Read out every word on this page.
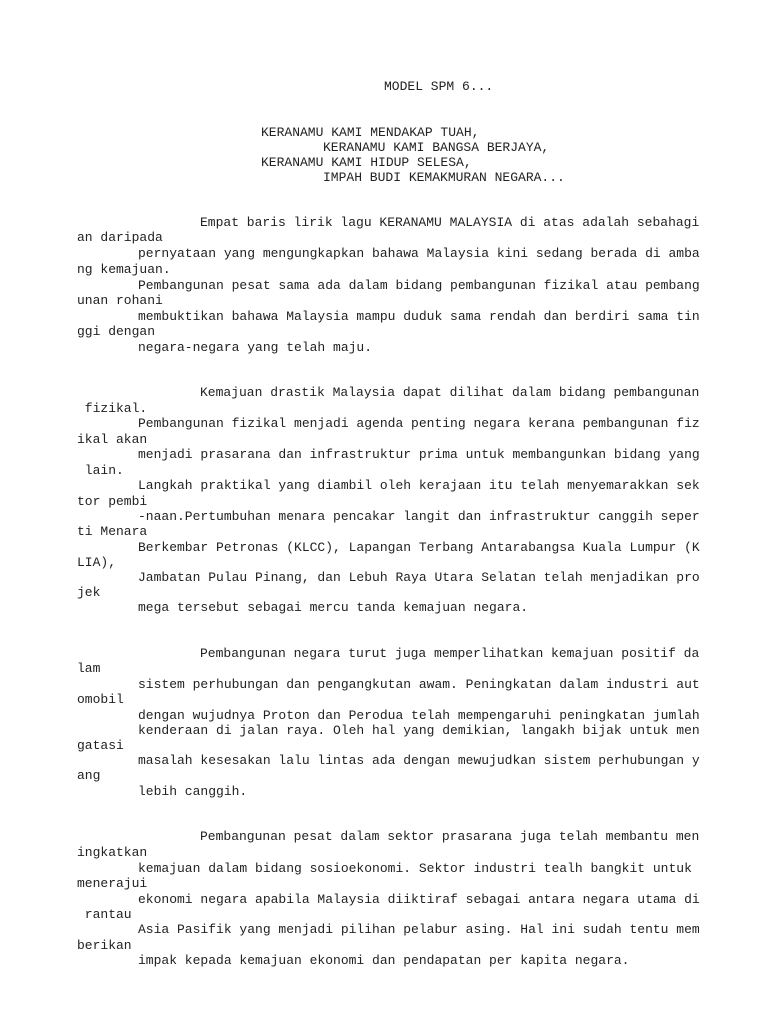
MODEL SPM 6...
KERANAMU KAMI MENDAKAP TUAH,
KERANAMU KAMI BANGSA BERJAYA,
KERANAMU KAMI HIDUP SELESA,
IMPAH BUDI KEMAKMURAN NEGARA...
Empat baris lirik lagu KERANAMU MALAYSIA di atas adalah sebahagi
an daripada
pernyataan yang mengungkapkan bahawa Malaysia kini sedang berada di amba
ng kemajuan.
Pembangunan pesat sama ada dalam bidang pembangunan fizikal atau pembang
unan rohani
membuktikan bahawa Malaysia mampu duduk sama rendah dan berdiri sama tin
ggi dengan
negara-negara yang telah maju.
Kemajuan drastik Malaysia dapat dilihat dalam bidang pembangunan
fizikal.
Pembangunan fizikal menjadi agenda penting negara kerana pembangunan fiz
ikal akan
menjadi prasarana dan infrastruktur prima untuk membangunkan bidang yang
lain.
Langkah praktikal yang diambil oleh kerajaan itu telah menyemarakkan sek
tor pembi
-naan.Pertumbuhan menara pencakar langit dan infrastruktur canggih seper
ti Menara
Berkembar Petronas (KLCC), Lapangan Terbang Antarabangsa Kuala Lumpur (K
LIA),
Jambatan Pulau Pinang, dan Lebuh Raya Utara Selatan telah menjadikan pro
jek
mega tersebut sebagai mercu tanda kemajuan negara.
Pembangunan negara turut juga memperlihatkan kemajuan positif da
lam
sistem perhubungan dan pengangkutan awam. Peningkatan dalam industri aut
omobil
dengan wujudnya Proton dan Perodua telah mempengaruhi peningkatan jumlah
kenderaan di jalan raya. Oleh hal yang demikian, langakh bijak untuk men
gatasi
masalah kesesakan lalu lintas ada dengan mewujudkan sistem perhubungan y
ang
lebih canggih.
Pembangunan pesat dalam sektor prasarana juga telah membantu men
ingkatkan
kemajuan dalam bidang sosioekonomi. Sektor industri tealh bangkit untuk
menerajui
ekonomi negara apabila Malaysia diiktiraf sebagai antara negara utama di
rantau
Asia Pasifik yang menjadi pilihan pelabur asing. Hal ini sudah tentu mem
berikan
impak kepada kemajuan ekonomi dan pendapatan per kapita negara.
